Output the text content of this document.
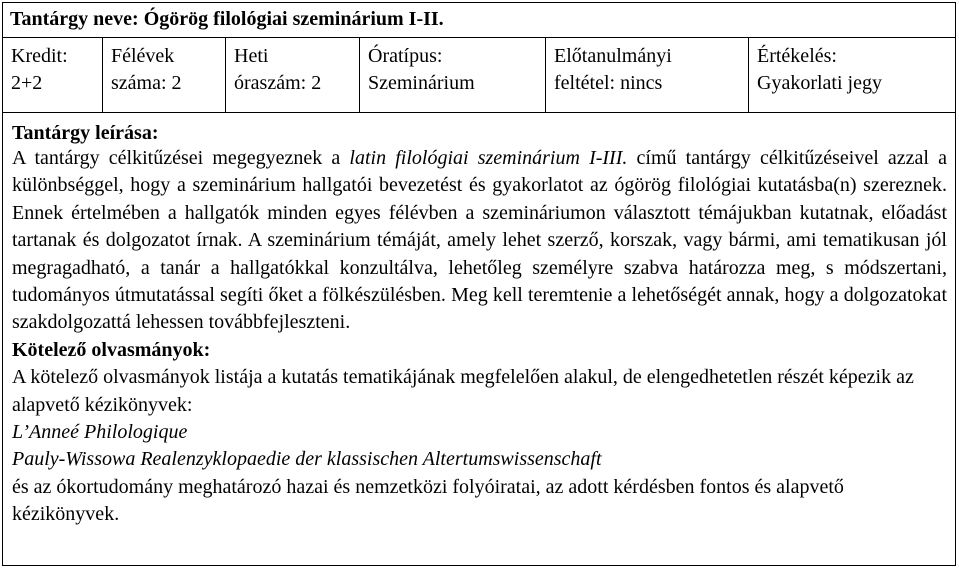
Tantárgy neve: Ógörög filológiai szeminárium I-II.
Kredit:
2+2
Félévek
száma: 2
Heti
óraszám: 2
Óratípus:
Szeminárium
Előtanulmányi
feltétel: nincs
Értékelés:
Gyakorlati jegy

Tantárgy leírása:

A tantárgy célkitűzései megegyeznek a latin filológiai szeminárium I-III. című tantárgy célkitűzéseivel azzal a különbséggel, hogy a szeminárium hallgatói bevezetést és gyakorlatot az ógörög filológiai kutatásba(n) szereznek. Ennek értelmében a hallgatók minden egyes félévben a szemináriumon választott témájukban kutatnak, előadást tartanak és dolgozatot írnak. A szeminárium témáját, amely lehet szerző, korszak, vagy bármi, ami tematikusan jól megragadható, a tanár a hallgatókkal konzultálva, lehetőleg személyre szabva határozza meg, s módszertani, tudományos útmutatással segíti őket a fölkészülésben. Meg kell teremtenie a lehetőségét annak, hogy a dolgozatokat szakdolgozattá lehessen továbbfejleszteni.

Kötelező olvasmányok:

A kötelező olvasmányok listája a kutatás tematikájának megfelelően alakul, de elengedhetetlen részét képezik az alapvető kézikönyvek:

L’Anneé Philologique

Pauly-Wissowa Realenzyklopaedie der klassischen Altertumswissenschaft

és az ókortudomány meghatározó hazai és nemzetközi folyóiratai, az adott kérdésben fontos és alapvető kézikönyvek.
